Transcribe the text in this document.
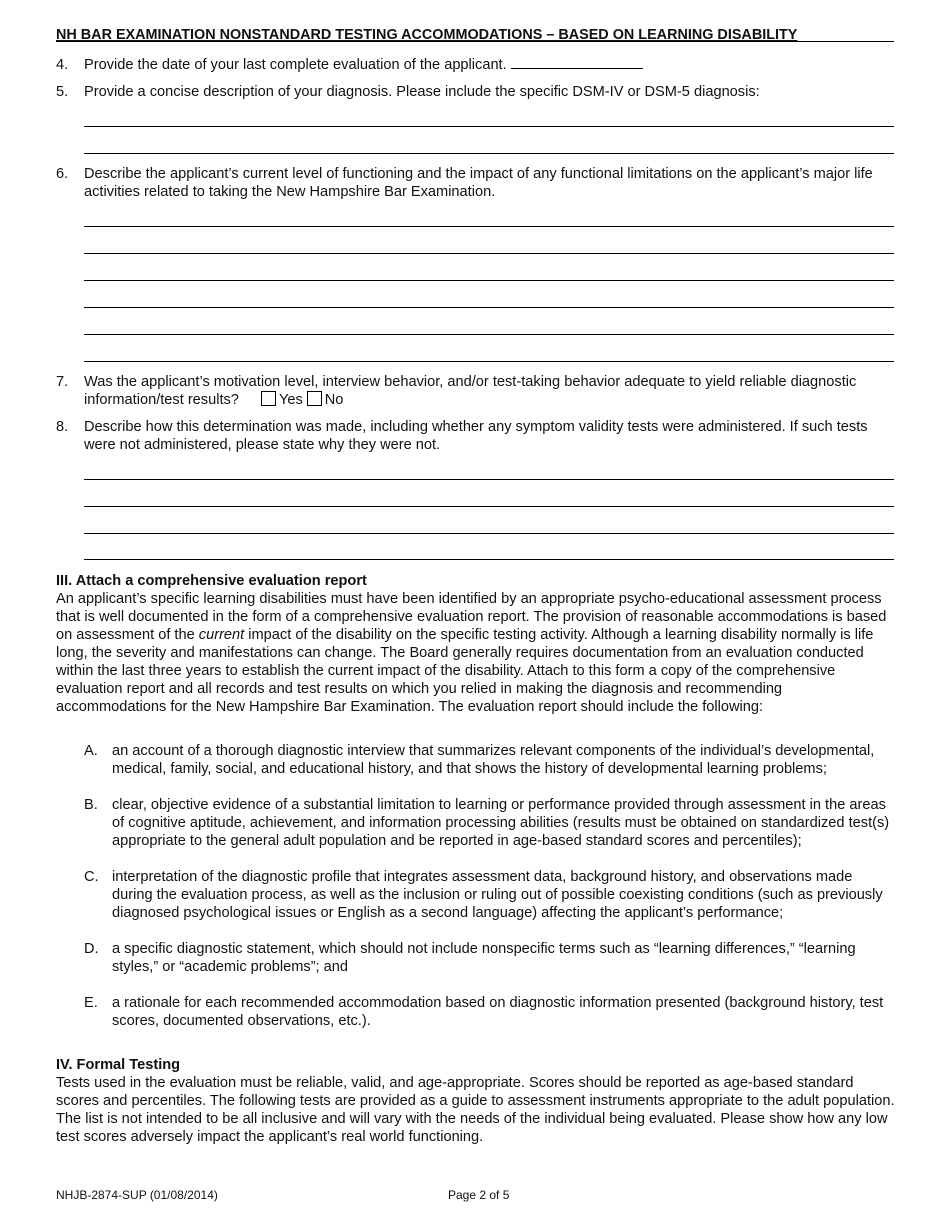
NH BAR EXAMINATION NONSTANDARD TESTING ACCOMMODATIONS – BASED ON LEARNING DISABILITY
4.	Provide the date of your last complete evaluation of the applicant.
5.	Provide a concise description of your diagnosis. Please include the specific DSM-IV or DSM-5 diagnosis:
6.	Describe the applicant’s current level of functioning and the impact of any functional limitations on the applicant’s major life activities related to taking the New Hampshire Bar Examination.
7.	Was the applicant’s motivation level, interview behavior, and/or test-taking behavior adequate to yield reliable diagnostic information/test results?	Yes No
8.	Describe how this determination was made, including whether any symptom validity tests were administered. If such tests were not administered, please state why they were not.
III. Attach a comprehensive evaluation report
An applicant’s specific learning disabilities must have been identified by an appropriate psycho-educational assessment process that is well documented in the form of a comprehensive evaluation report. The provision of reasonable accommodations is based on assessment of the current impact of the disability on the specific testing activity. Although a learning disability normally is life long, the severity and manifestations can change. The Board generally requires documentation from an evaluation conducted within the last three years to establish the current impact of the disability. Attach to this form a copy of the comprehensive evaluation report and all records and test results on which you relied in making the diagnosis and recommending accommodations for the New Hampshire Bar Examination. The evaluation report should include the following:
A. an account of a thorough diagnostic interview that summarizes relevant components of the individual’s developmental, medical, family, social, and educational history, and that shows the history of developmental learning problems;
B. clear, objective evidence of a substantial limitation to learning or performance provided through assessment in the areas of cognitive aptitude, achievement, and information processing abilities (results must be obtained on standardized test(s) appropriate to the general adult population and be reported in age-based standard scores and percentiles);
C. interpretation of the diagnostic profile that integrates assessment data, background history, and observations made during the evaluation process, as well as the inclusion or ruling out of possible coexisting conditions (such as previously diagnosed psychological issues or English as a second language) affecting the applicant’s performance;
D. a specific diagnostic statement, which should not include nonspecific terms such as “learning differences,” “learning styles,” or “academic problems”; and
E. a rationale for each recommended accommodation based on diagnostic information presented (background history, test scores, documented observations, etc.).
IV. Formal Testing
Tests used in the evaluation must be reliable, valid, and age-appropriate. Scores should be reported as age-based standard scores and percentiles. The following tests are provided as a guide to assessment instruments appropriate to the adult population. The list is not intended to be all inclusive and will vary with the needs of the individual being evaluated. Please show how any low test scores adversely impact the applicant’s real world functioning.
NHJB-2874-SUP (01/08/2014)	Page 2 of 5
